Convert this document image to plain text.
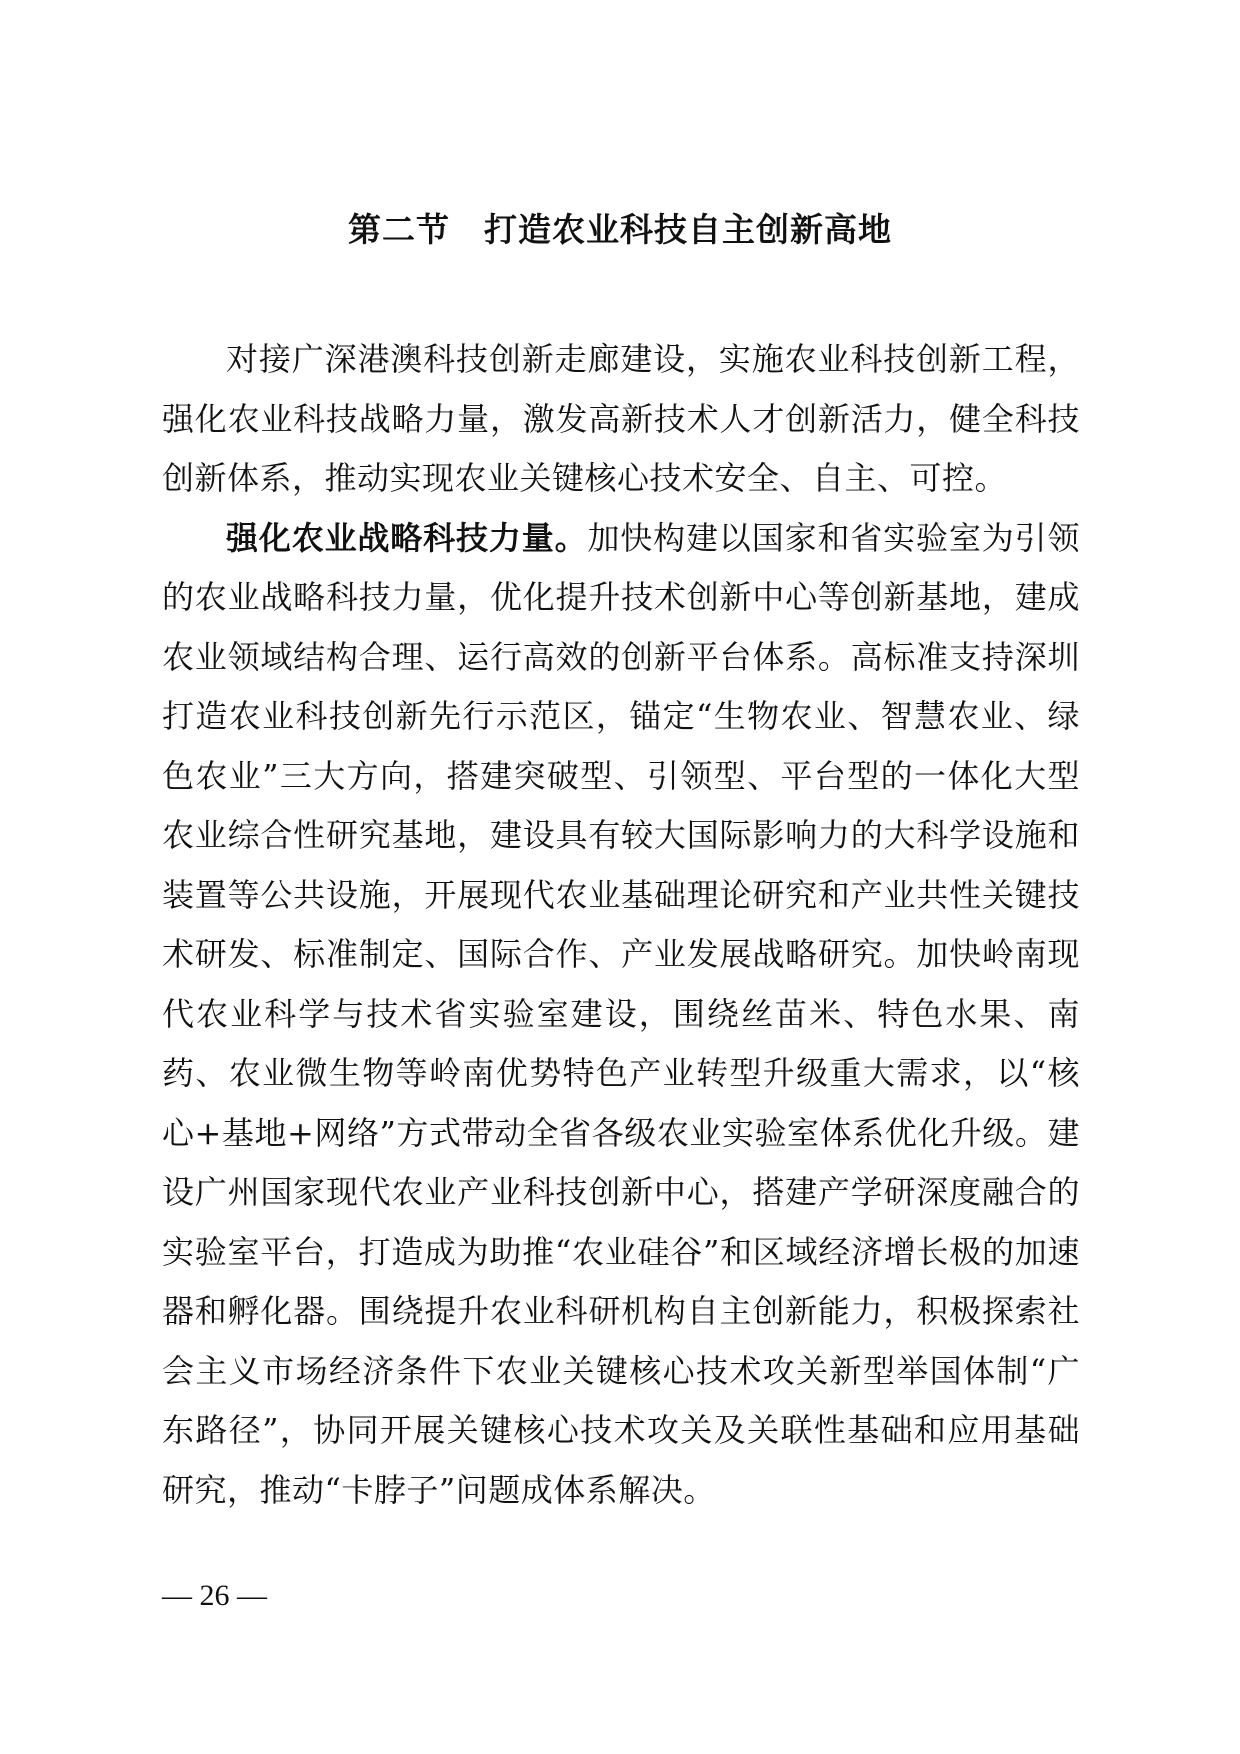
第二节 打造农业科技自主创新高地

对接广深港澳科技创新走廊建设，实施农业科技创新工程，强化农业科技战略力量，激发高新技术人才创新活力，健全科技创新体系，推动实现农业关键核心技术安全、自主、可控。

强化农业战略科技力量。加快构建以国家和省实验室为引领的农业战略科技力量，优化提升技术创新中心等创新基地，建成农业领域结构合理、运行高效的创新平台体系。高标准支持深圳打造农业科技创新先行示范区，锚定“生物农业、智慧农业、绿色农业”三大方向，搭建突破型、引领型、平台型的一体化大型农业综合性研究基地，建设具有较大国际影响力的大科学设施和装置等公共设施，开展现代农业基础理论研究和产业共性关键技术研发、标准制定、国际合作、产业发展战略研究。加快岭南现代农业科学与技术省实验室建设，围绕丝苗米、特色水果、南药、农业微生物等岭南优势特色产业转型升级重大需求，以“核心+基地+网络”方式带动全省各级农业实验室体系优化升级。建设广州国家现代农业产业科技创新中心，搭建产学研深度融合的实验室平台，打造成为助推“农业硅谷”和区域经济增长极的加速器和孵化器。围绕提升农业科研机构自主创新能力，积极探索社会主义市场经济条件下农业关键核心技术攻关新型举国体制“广东路径”，协同开展关键核心技术攻关及关联性基础和应用基础研究，推动“卡脖子”问题成体系解决。

— 26 —
